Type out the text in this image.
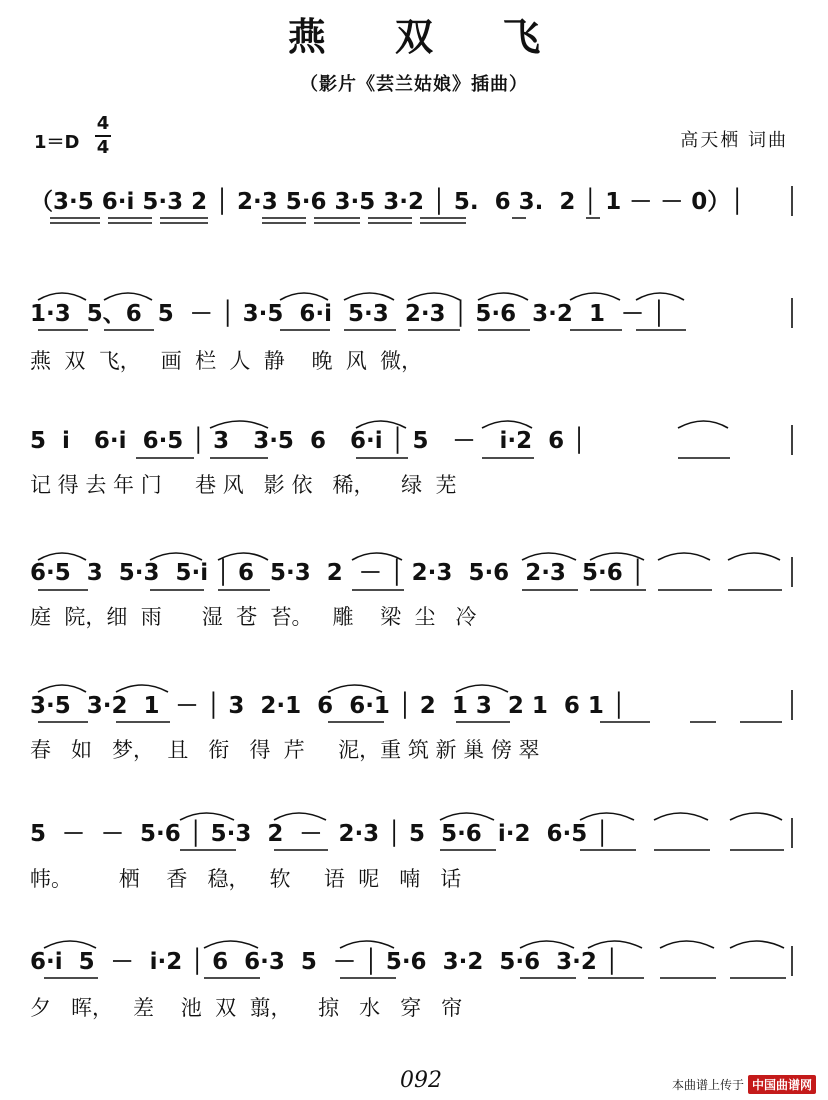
燕 双 飞
（影片《芸兰姑娘》插曲）
1＝D
4
4	高天栖 词曲
（3·5 6·i 5·3 2 │ 2·3 5·6 3·5 3·2 │ 5.  6 3.  2 │ 1 － － 0）│
1·3  5、6  5  － │ 3·5  6·i  5·3  2·3 │ 5·6  3·2  1  － │
燕  双  飞，   画  栏  人  静    晚  风  微，
5  i   6·i  6·5 │ 3   3·5  6   6·i │ 5   －   i·2  6 │
记 得 去 年 门     巷 风   影 依   稀，    绿  芜
6·5  3  5·3  5·i │ 6  5·3  2  － │ 2·3  5·6  2·3  5·6 │
庭  院，细  雨      湿  苍  苔。   雕    梁  尘   冷
3·5  3·2  1  － │ 3  2·1  6  6·1 │ 2  1 3  2 1  6 1 │
春   如   梦，  且   衔   得  芹     泥，重 筑 新 巢 傍 翠
5  －  －  5·6 │ 5·3  2  －  2·3 │ 5  5·6  i·2  6·5 │
帏。       栖    香   稳，   软     语  呢   喃   话
6·i  5  －  i·2 │ 6  6·3  5  － │ 5·6  3·2  5·6  3·2 │
夕   晖，   差    池  双  翦，    掠   水   穿   帘
092	本曲谱上传于 中国曲谱网
